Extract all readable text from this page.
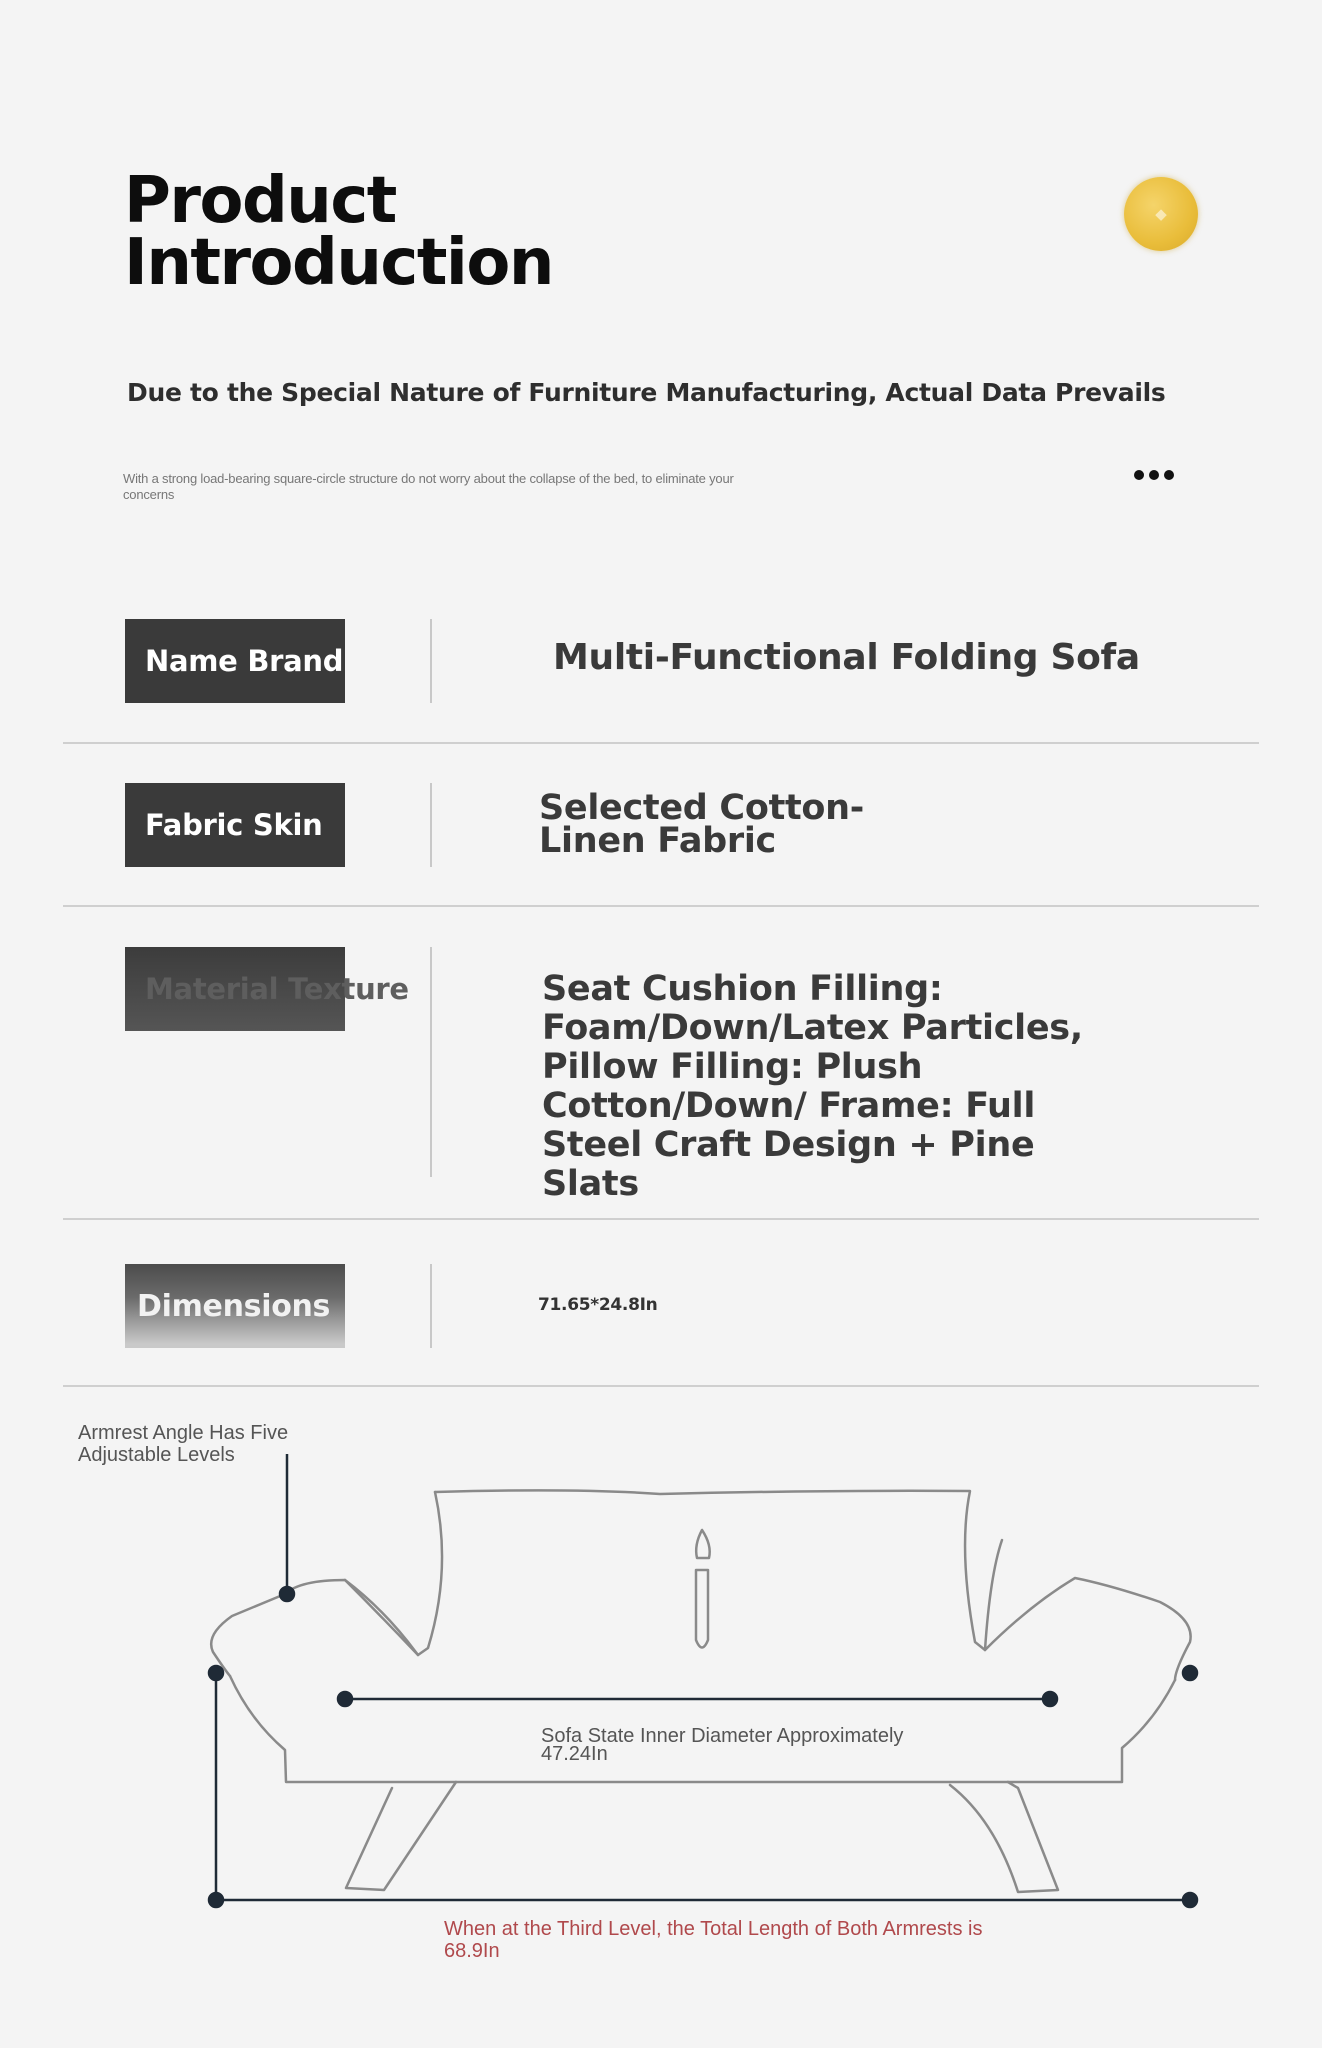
Product
Introduction
◆

Due to the Special Nature of Furniture Manufacturing, Actual Data Prevails

With a strong load-bearing square-circle structure do not worry about the collapse of the bed, to eliminate your concerns

Name Brand	Multi-Functional Folding Sofa

Fabric Skin	Selected Cotton-Linen Fabric

Material Texture	Seat Cushion Filling: Foam/Down/Latex Particles, Pillow Filling: Plush Cotton/Down/ Frame: Full Steel Craft Design + Pine Slats

Dimensions	71.65*24.8In

Armrest Angle Has Five Adjustable Levels

Sofa State Inner Diameter Approximately 47.24In

When at the Third Level, the Total Length of Both Armrests is 68.9In
